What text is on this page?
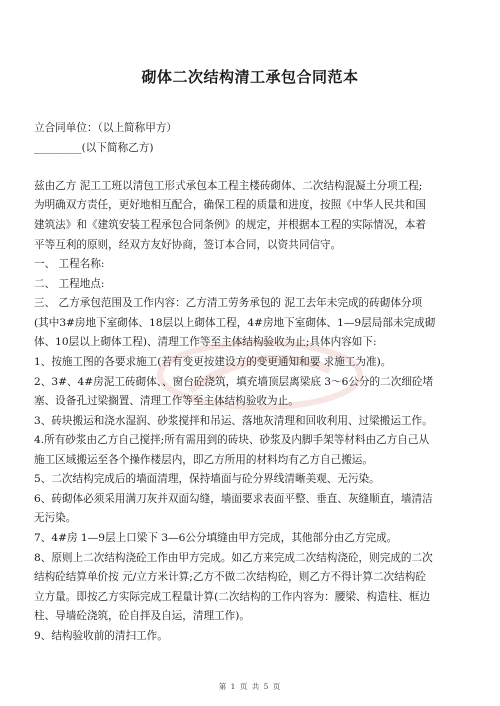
砌体二次结构清工承包合同范本
立合同单位：（以上简称甲方）
_________(以下简称乙方)
兹由乙方 泥工工班以清包工形式承包本工程主楼砖砌体、二次结构混凝土分项工程;
为明确双方责任，更好地相互配合，确保工程的质量和进度，按照《中华人民共和国
建筑法》和《建筑安装工程承包合同条例》的规定，并根据本工程的实际情况，本着
平等互利的原则，经双方友好协商，签订本合同，以资共同信守。
一、 工程名称:
二、 工程地点:
三、 乙方承包范围及工作内容：乙方清工劳务承包的 泥工去年未完成的砖砌体分项
(其中3#房地下室砌体、18层以上砌体工程，4#房地下室砌体、1—9层局部未完成砌
体、10层以上砌体工程)、清理工作等至主体结构验收为止;具体内容如下:
1、按施工图的各要求施工(若有变更按建设方的变更通知和要 求施工为准)。
2、3#、4#房泥工砖砌体、、窗台砼浇筑，填充墙顶层离梁底 3～6公分的二次细砼堵
塞、设备孔过梁搁置、清理工作等至主体结构验收为止。
3、砖块搬运和浇水湿润、砂浆搅拌和吊运、落地灰清理和回收利用、过梁搬运工作。
4.所有砂浆由乙方自己搅拌;所有需用到的砖块、砂浆及内脚手架等材料由乙方自己从
施工区域搬运至各个操作楼层内，即乙方所用的材料均有乙方自己搬运。
5、二次结构完成后的墙面清理，保持墙面与砼分界线清晰美观、无污染。
6、砖砌体必须采用满刀灰并双面勾缝，墙面要求表面平整、垂直、灰缝顺直，墙清洁
无污染。
7、4#房 1—9层上口梁下 3—6公分填缝由甲方完成，其他部分由乙方完成。
8、原则上二次结构浇砼工作由甲方完成。如乙方来完成二次结构浇砼，则完成的二次
结构砼结算单价按 元/立方米计算;乙方不做二次结构砼，则乙方不得计算二次结构砼
立方量。即按乙方实际完成工程量计算(二次结构的工作内容为：腰梁、构造柱、框边
柱、导墙砼浇筑，砼自拌及自运，清理工作)。
9、结构验收前的清扫工作。
第 1 页 共 5 页
